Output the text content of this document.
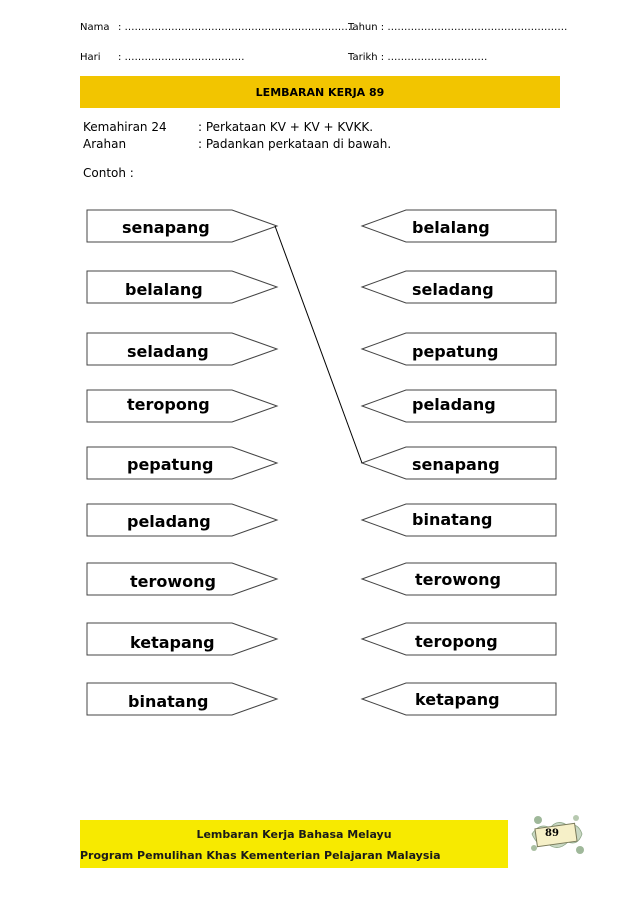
Nama : ……………………………………………………………
Tahun : ………………………………………………
Hari : ………………………………	Tarikh : …………………………
LEMBARAN KERJA 89
Kemahiran 24	: Perkataan KV + KV + KVKK.
Arahan	: Padankan perkataan di bawah.
Contoh :
senapang
belalang
seladang
teropong
pepatung
peladang
terowong
ketapang
binatang
belalang
seladang
pepatung
peladang
senapang
binatang
terowong
teropong
ketapang
Lembaran Kerja Bahasa Melayu
Program Pemulihan Khas Kementerian Pelajaran Malaysia
89
